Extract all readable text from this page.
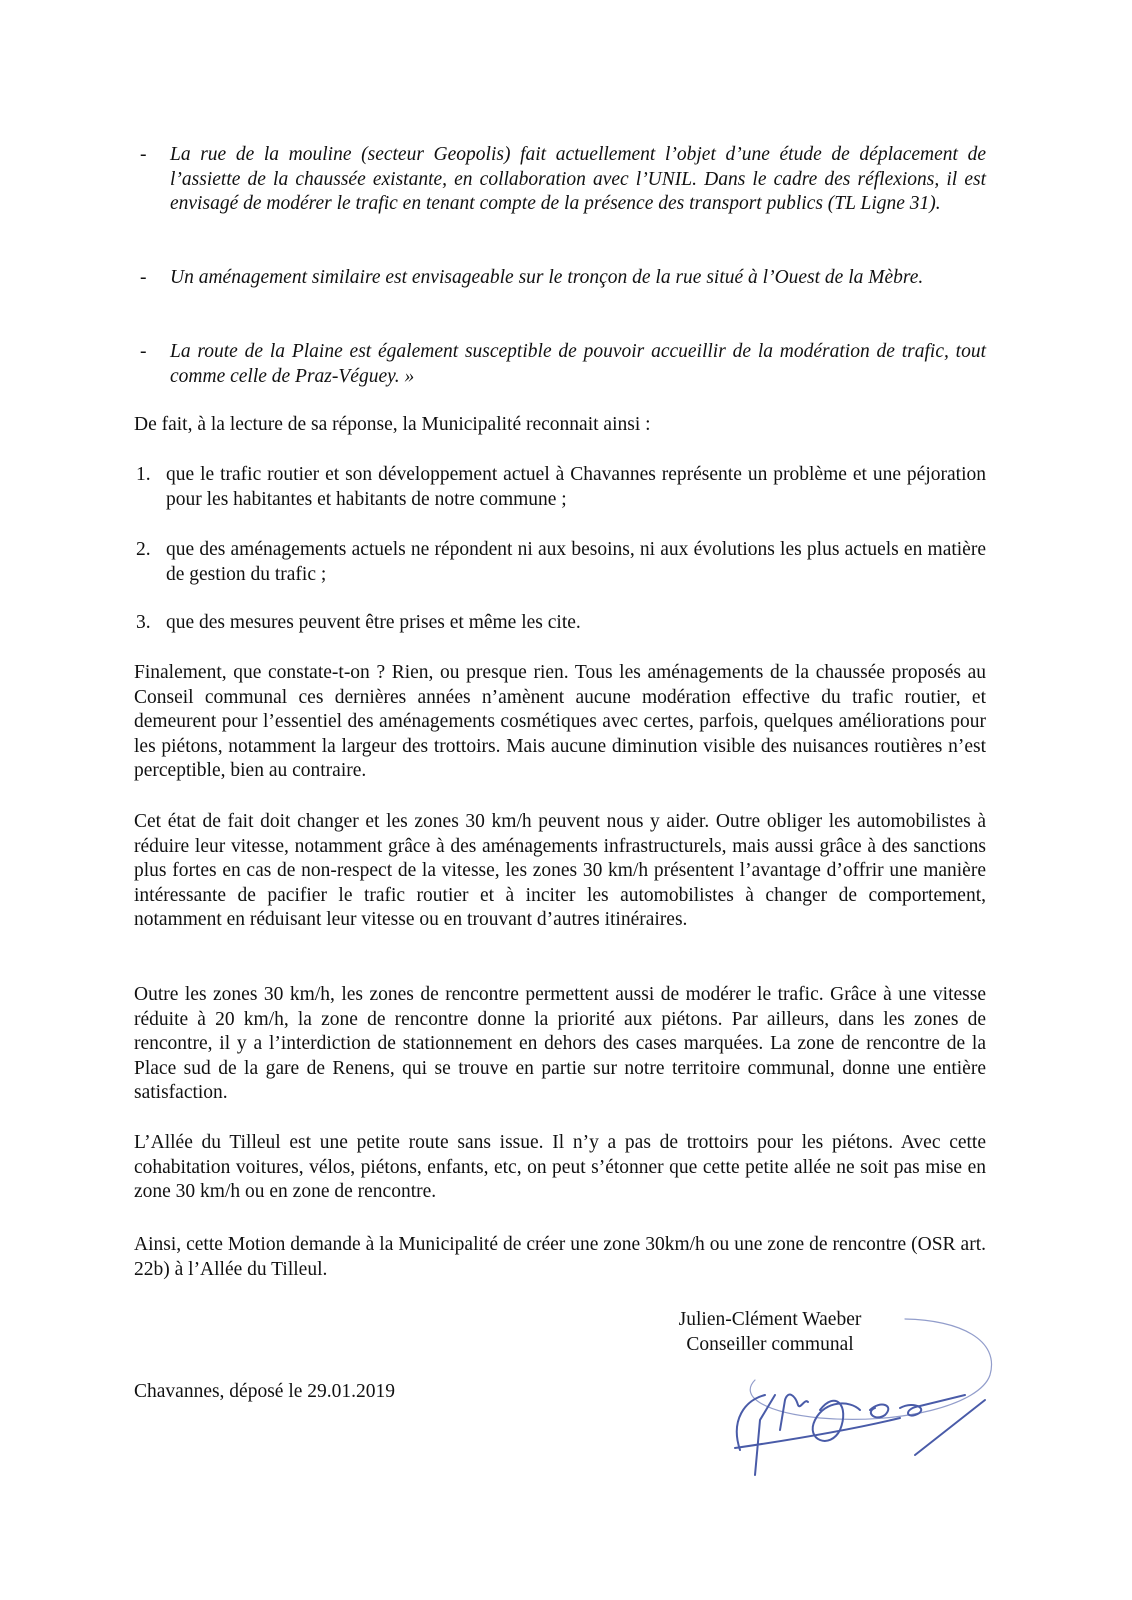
- La rue de la mouline (secteur Geopolis) fait actuellement l’objet d’une étude de déplacement de l’assiette de la chaussée existante, en collaboration avec l’UNIL. Dans le cadre des réflexions, il est envisagé de modérer le trafic en tenant compte de la présence des transport publics (TL Ligne 31).
- Un aménagement similaire est envisageable sur le tronçon de la rue situé à l’Ouest de la Mèbre.
- La route de la Plaine est également susceptible de pouvoir accueillir de la modération de trafic, tout comme celle de Praz-Véguey. »

De fait, à la lecture de sa réponse, la Municipalité reconnait ainsi :

1. que le trafic routier et son développement actuel à Chavannes représente un problème et une péjoration pour les habitantes et habitants de notre commune ;
2. que des aménagements actuels ne répondent ni aux besoins, ni aux évolutions les plus actuels en matière de gestion du trafic ;
3. que des mesures peuvent être prises et même les cite.

Finalement, que constate-t-on ? Rien, ou presque rien. Tous les aménagements de la chaussée proposés au Conseil communal ces dernières années n’amènent aucune modération effective du trafic routier, et demeurent pour l’essentiel des aménagements cosmétiques avec certes, parfois, quelques améliorations pour les piétons, notamment la largeur des trottoirs. Mais aucune diminution visible des nuisances routières n’est perceptible, bien au contraire.

Cet état de fait doit changer et les zones 30 km/h peuvent nous y aider. Outre obliger les automobilistes à réduire leur vitesse, notamment grâce à des aménagements infrastructurels, mais aussi grâce à des sanctions plus fortes en cas de non-respect de la vitesse, les zones 30 km/h présentent l’avantage d’offrir une manière intéressante de pacifier le trafic routier et à inciter les automobilistes à changer de comportement, notamment en réduisant leur vitesse ou en trouvant d’autres itinéraires.

Outre les zones 30 km/h, les zones de rencontre permettent aussi de modérer le trafic. Grâce à une vitesse réduite à 20 km/h, la zone de rencontre donne la priorité aux piétons. Par ailleurs, dans les zones de rencontre, il y a l’interdiction de stationnement en dehors des cases marquées. La zone de rencontre de la Place sud de la gare de Renens, qui se trouve en partie sur notre territoire communal, donne une entière satisfaction.

L’Allée du Tilleul est une petite route sans issue. Il n’y a pas de trottoirs pour les piétons. Avec cette cohabitation voitures, vélos, piétons, enfants, etc, on peut s’étonner que cette petite allée ne soit pas mise en zone 30 km/h ou en zone de rencontre.

Ainsi, cette Motion demande à la Municipalité de créer une zone 30km/h ou une zone de rencontre (OSR art. 22b) à l’Allée du Tilleul.

Julien-Clément Waeber
Conseiller communal

Chavannes, déposé le 29.01.2019
